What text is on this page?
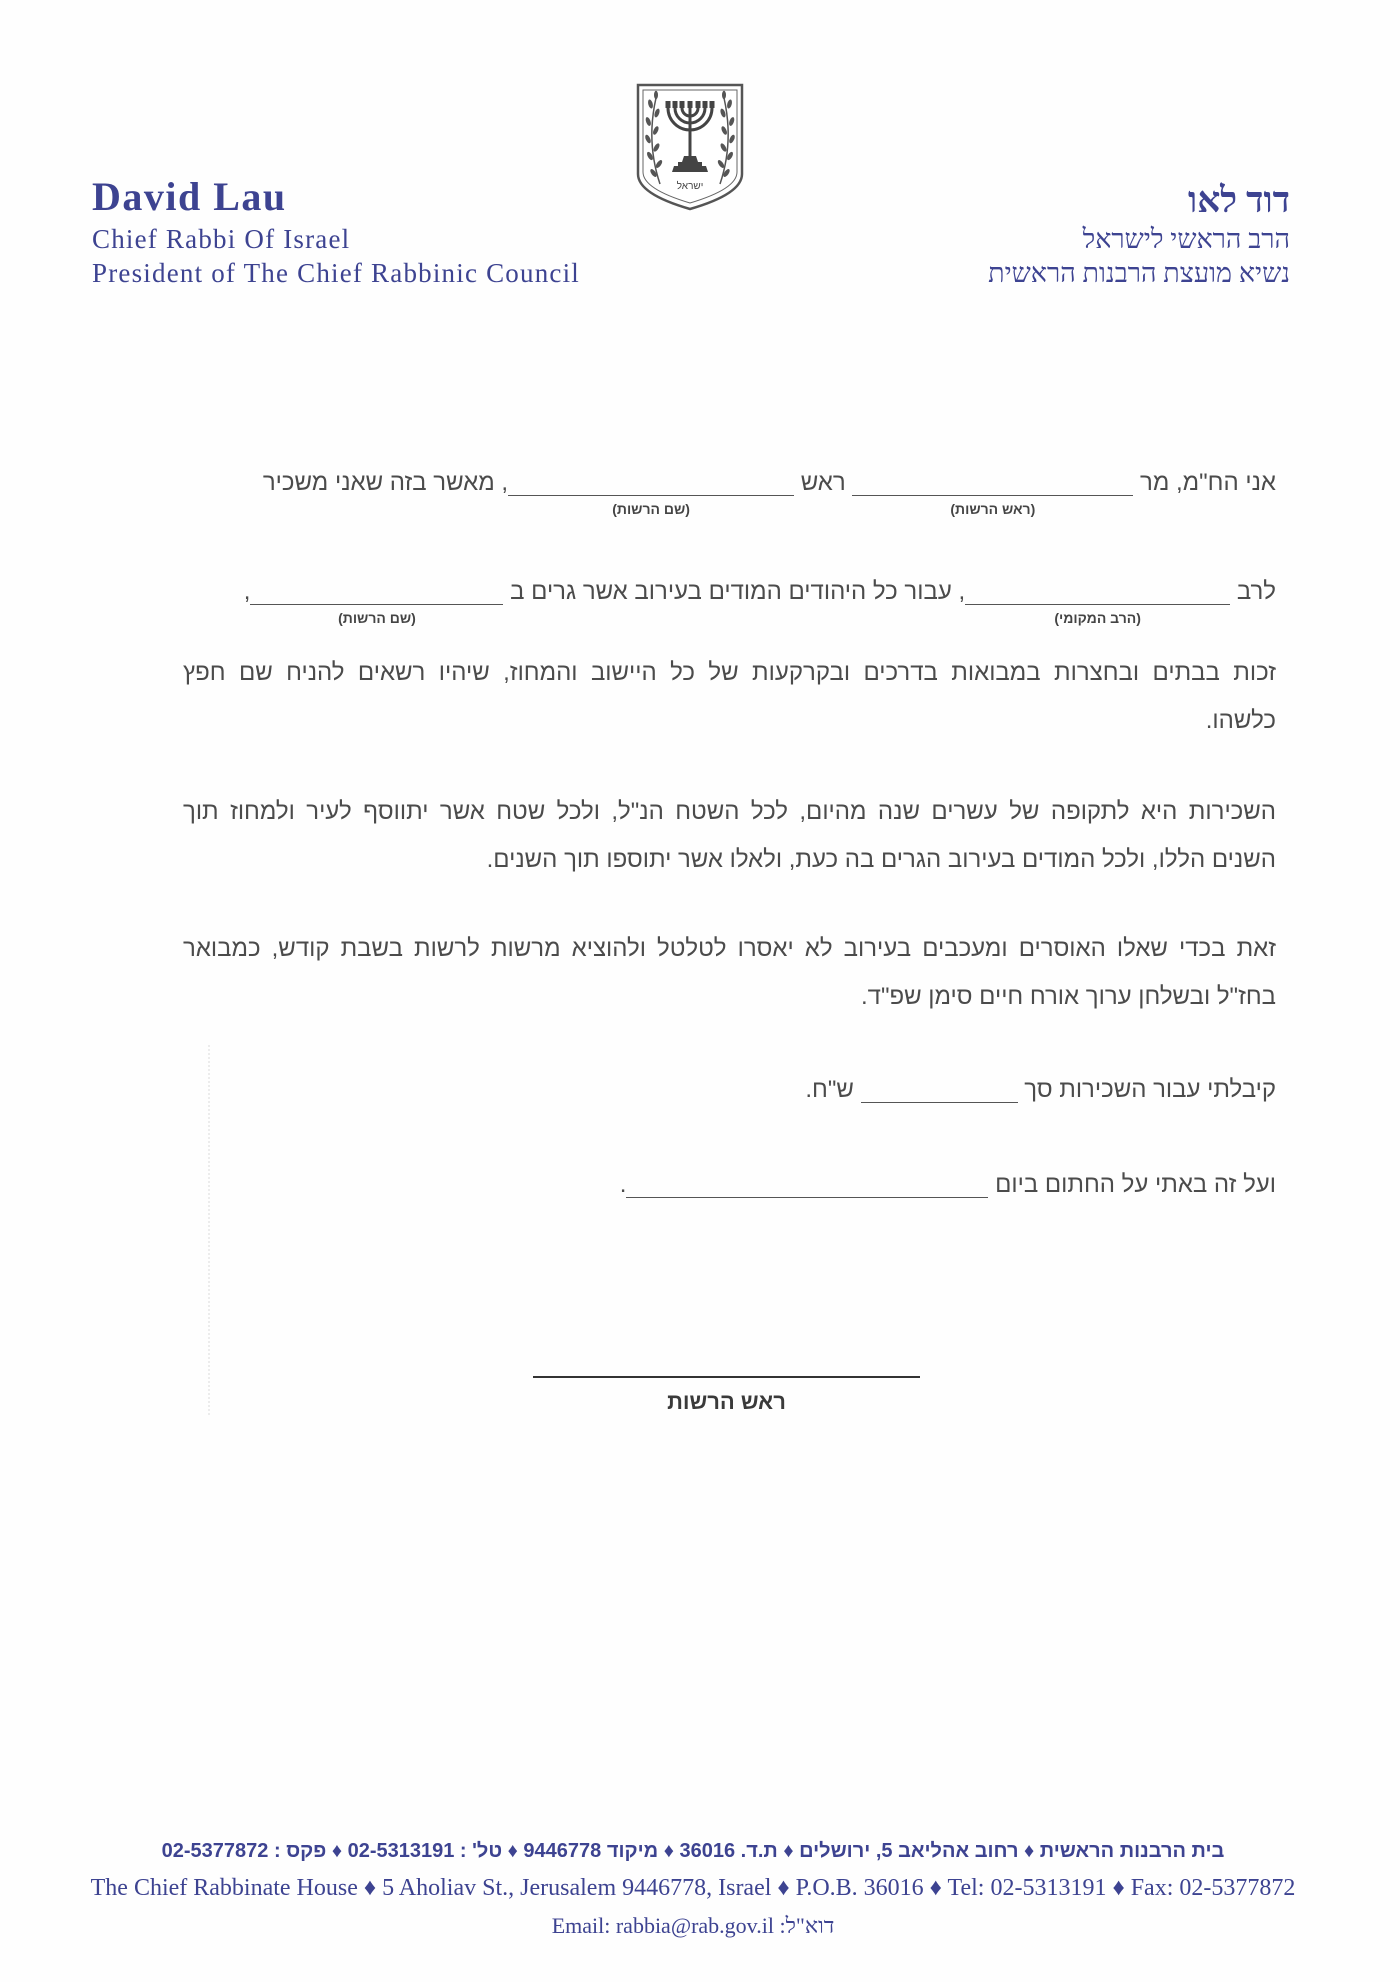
David Lau
Chief Rabbi Of Israel
President of The Chief Rabbinic Council
ישראל	דוד לאו
הרב הראשי לישראל
נשיא מועצת הרבנות הראשית
אני הח"מ, מר
(ראש הרשות)
ראש
(שם הרשות)
, מאשר בזה שאני משכיר
לרב
(הרב המקומי)
, עבור כל היהודים המודים בעירוב אשר גרים ב
(שם הרשות)
,
זכות בבתים ובחצרות במבואות בדרכים ובקרקעות של כל היישוב והמחוז, שיהיו רשאים להניח שם חפץ
כלשהו.
השכירות היא לתקופה של עשרים שנה מהיום, לכל השטח הנ"ל, ולכל שטח אשר יתווסף לעיר ולמחוז תוך
השנים הללו, ולכל המודים בעירוב הגרים בה כעת, ולאלו אשר יתוספו תוך השנים.
זאת בכדי שאלו האוסרים ומעכבים בעירוב לא יאסרו לטלטל ולהוציא מרשות לרשות בשבת קודש, כמבואר
בחז"ל ובשלחן ערוך אורח חיים סימן שפ"ד.
קיבלתי עבור השכירות סך  ש"ח.
ועל זה באתי על החתום ביום .
ראש הרשות
בית הרבנות הראשית ♦ רחוב אהליאב 5, ירושלים ♦ ת.ד. 36016 ♦ מיקוד 9446778 ♦ טל' : 02-5313191 ♦ פקס : 02-5377872
The Chief Rabbinate House ♦ 5 Aholiav St., Jerusalem 9446778, Israel ♦ P.O.B. 36016 ♦ Tel: 02-5313191 ♦ Fax: 02-5377872
Email: rabbia@rab.gov.il דוא"ל:
